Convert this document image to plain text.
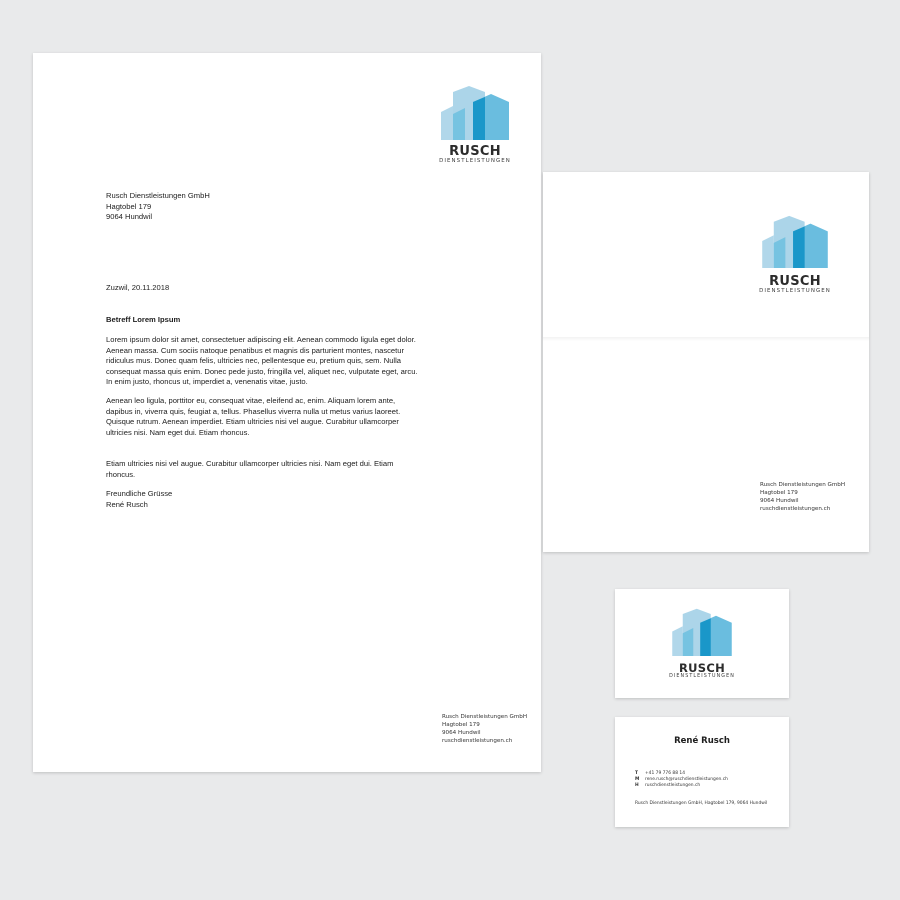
RUSCH
DIENSTLEISTUNGEN
Rusch Dienstleistungen GmbH
Hagtobel 179
9064 Hundwil
Zuzwil, 20.11.2018
Betreff Lorem Ipsum
Lorem ipsum dolor sit amet, consectetuer adipiscing elit. Aenean commodo ligula eget dolor. Aenean massa. Cum sociis natoque penatibus et magnis dis parturient montes, nascetur ridiculus mus. Donec quam felis, ultricies nec, pellentesque eu, pretium quis, sem. Nulla consequat massa quis enim. Donec pede justo, fringilla vel, aliquet nec, vulputate eget, arcu. In enim justo, rhoncus ut, imperdiet a, venenatis vitae, justo.
Aenean leo ligula, porttitor eu, consequat vitae, eleifend ac, enim. Aliquam lorem ante, dapibus in, viverra quis, feugiat a, tellus. Phasellus viverra nulla ut metus varius laoreet. Quisque rutrum. Aenean imperdiet. Etiam ultricies nisi vel augue. Curabitur ullamcorper ultricies nisi. Nam eget dui. Etiam rhoncus.
Etiam ultricies nisi vel augue. Curabitur ullamcorper ultricies nisi. Nam eget dui. Etiam rhoncus.
Freundliche Grüsse
René Rusch
Rusch Dienstleistungen GmbH
Hagtobel 179
9064 Hundwil
ruschdienstleistungen.ch
RUSCH
DIENSTLEISTUNGEN
Rusch Dienstleistungen GmbH
Hagtobel 179
9064 Hundwil
ruschdienstleistungen.ch
RUSCH
DIENSTLEISTUNGEN
René Rusch
T +41 79 776 88 14
M rene.rusch@ruschdienstleistungen.ch
H ruschdienstleistungen.ch
Rusch Dienstleistungen GmbH, Hagtobel 179, 9064 Hundwil
